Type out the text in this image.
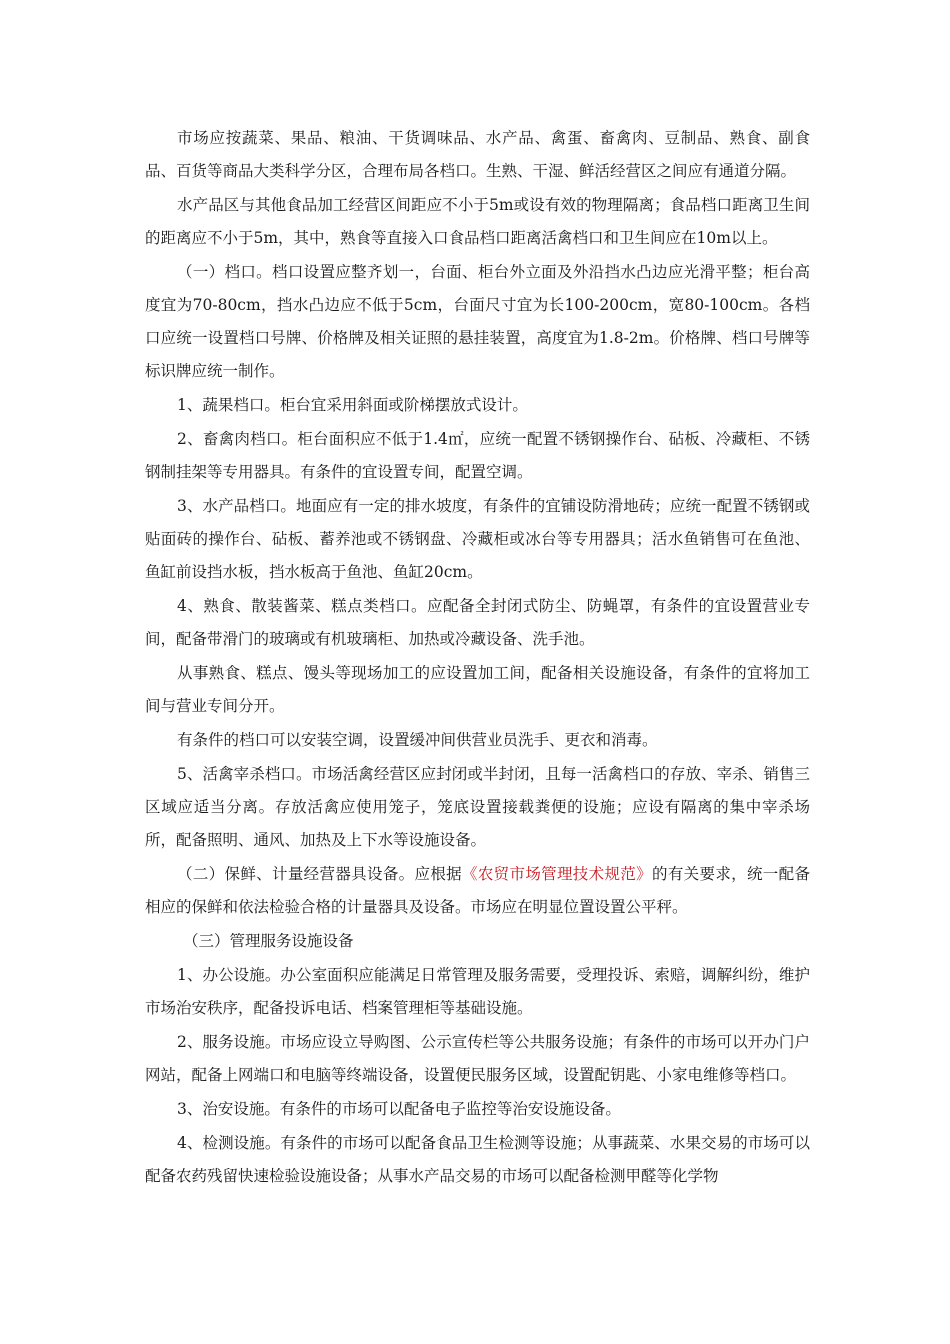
市场应按蔬菜、果品、粮油、干货调味品、水产品、禽蛋、畜禽肉、豆制品、熟食、副食品、百货等商品大类科学分区，合理布局各档口。生熟、干湿、鲜活经营区之间应有通道分隔。

水产品区与其他食品加工经营区间距应不小于5m或设有效的物理隔离；食品档口距离卫生间的距离应不小于5m，其中，熟食等直接入口食品档口距离活禽档口和卫生间应在10m以上。

（一）档口。档口设置应整齐划一，台面、柜台外立面及外沿挡水凸边应光滑平整；柜台高度宜为70-80cm，挡水凸边应不低于5cm，台面尺寸宜为长100-200cm，宽80-100cm。各档口应统一设置档口号牌、价格牌及相关证照的悬挂装置，高度宜为1.8-2m。价格牌、档口号牌等标识牌应统一制作。

1、蔬果档口。柜台宜采用斜面或阶梯摆放式设计。

2、畜禽肉档口。柜台面积应不低于1.4㎡，应统一配置不锈钢操作台、砧板、冷藏柜、不锈钢制挂架等专用器具。有条件的宜设置专间，配置空调。

3、水产品档口。地面应有一定的排水坡度，有条件的宜铺设防滑地砖；应统一配置不锈钢或贴面砖的操作台、砧板、蓄养池或不锈钢盘、冷藏柜或冰台等专用器具；活水鱼销售可在鱼池、鱼缸前设挡水板，挡水板高于鱼池、鱼缸20cm。

4、熟食、散装酱菜、糕点类档口。应配备全封闭式防尘、防蝇罩，有条件的宜设置营业专间，配备带滑门的玻璃或有机玻璃柜、加热或冷藏设备、洗手池。

从事熟食、糕点、馒头等现场加工的应设置加工间，配备相关设施设备，有条件的宜将加工间与营业专间分开。

有条件的档口可以安装空调，设置缓冲间供营业员洗手、更衣和消毒。

5、活禽宰杀档口。市场活禽经营区应封闭或半封闭，且每一活禽档口的存放、宰杀、销售三区域应适当分离。存放活禽应使用笼子，笼底设置接载粪便的设施；应设有隔离的集中宰杀场所，配备照明、通风、加热及上下水等设施设备。

（二）保鲜、计量经营器具设备。应根据《农贸市场管理技术规范》的有关要求，统一配备相应的保鲜和依法检验合格的计量器具及设备。市场应在明显位置设置公平秤。

（三）管理服务设施设备

1、办公设施。办公室面积应能满足日常管理及服务需要，受理投诉、索赔，调解纠纷，维护市场治安秩序，配备投诉电话、档案管理柜等基础设施。

2、服务设施。市场应设立导购图、公示宣传栏等公共服务设施；有条件的市场可以开办门户网站，配备上网端口和电脑等终端设备，设置便民服务区域，设置配钥匙、小家电维修等档口。

3、治安设施。有条件的市场可以配备电子监控等治安设施设备。

4、检测设施。有条件的市场可以配备食品卫生检测等设施；从事蔬菜、水果交易的市场可以配备农药残留快速检验设施设备；从事水产品交易的市场可以配备检测甲醛等化学物
